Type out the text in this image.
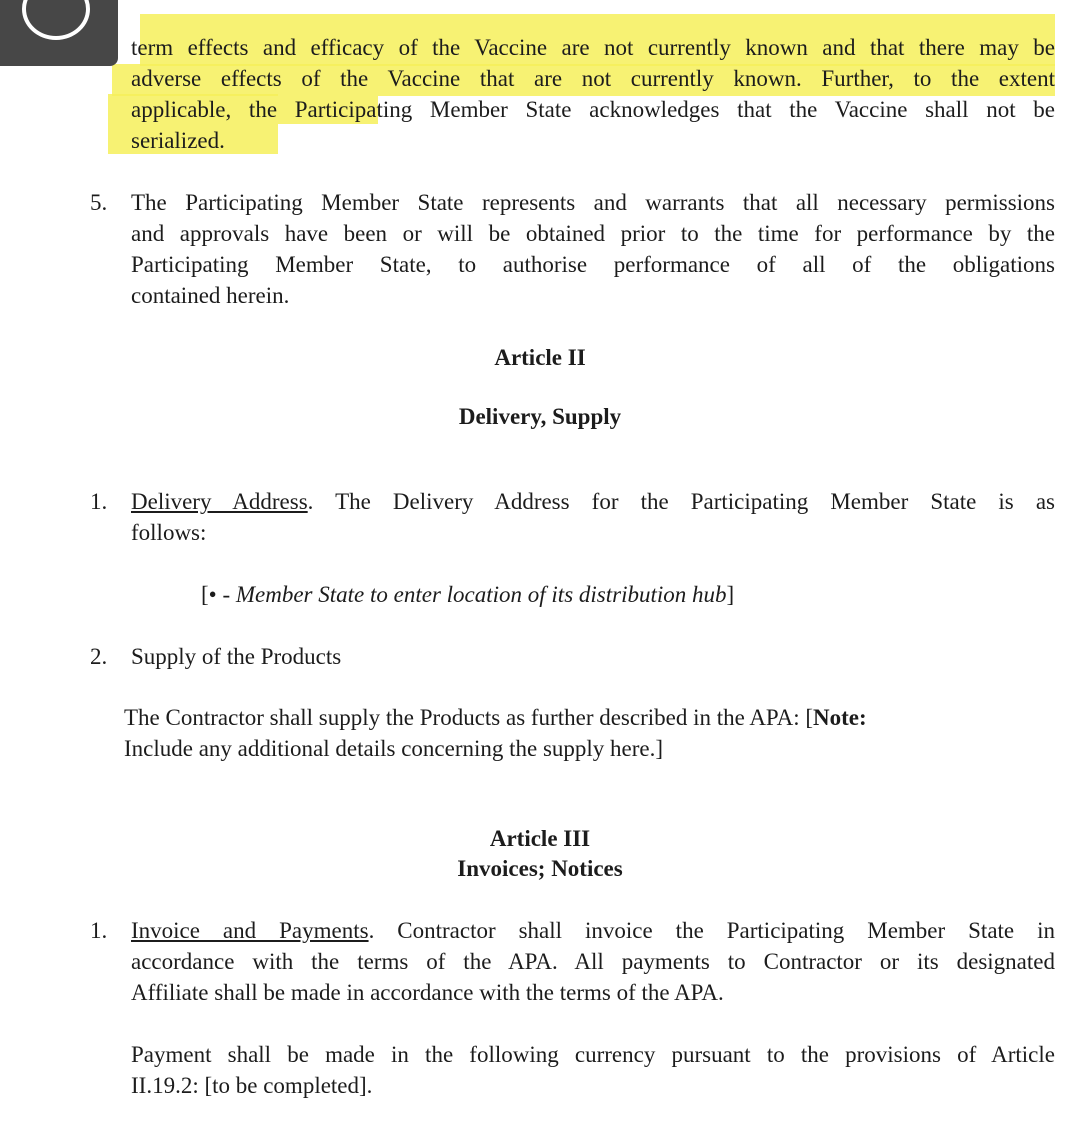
term effects and efficacy of the Vaccine are not currently known and that there may be
adverse effects of the Vaccine that are not currently known. Further, to the extent
applicable, the Participating Member State acknowledges that the Vaccine shall not be
serialized.
5. The Participating Member State represents and warrants that all necessary permissions
and approvals have been or will be obtained prior to the time for performance by the
Participating Member State, to authorise performance of all of the obligations
contained herein.
Article II
Delivery, Supply
1. Delivery Address. The Delivery Address for the Participating Member State is as
follows:
[• - Member State to enter location of its distribution hub]
2. Supply of the Products
The Contractor shall supply the Products as further described in the APA: [Note:
Include any additional details concerning the supply here.]
Article III
Invoices; Notices
1. Invoice and Payments. Contractor shall invoice the Participating Member State in
accordance with the terms of the APA. All payments to Contractor or its designated
Affiliate shall be made in accordance with the terms of the APA.
Payment shall be made in the following currency pursuant to the provisions of Article
II.19.2: [to be completed].
